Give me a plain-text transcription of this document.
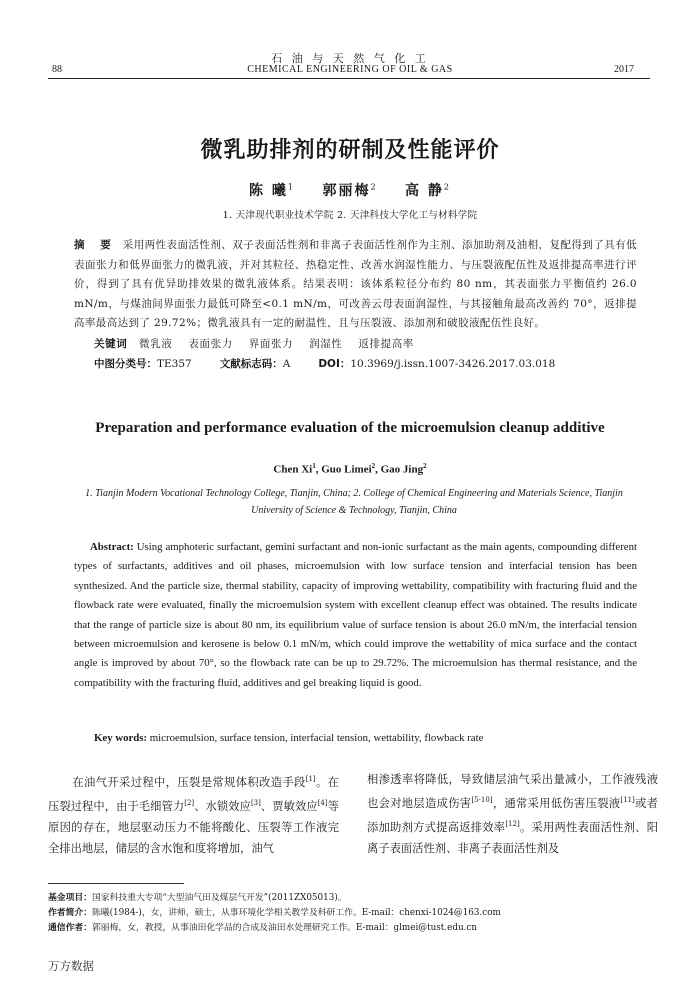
石 油 与 天 然 气 化 工
88	CHEMICAL ENGINEERING OF OIL & GAS	2017
微乳助排剂的研制及性能评价
陈 曦$^1$ 郭丽梅$^2$ 高 静$^2$
1. 天津现代职业技术学院 2. 天津科技大学化工与材料学院
摘 要 采用两性表面活性剂、双子表面活性剂和非离子表面活性剂作为主剂、添加助剂及油相，复配得到了具有低表面张力和低界面张力的微乳液，并对其粒径、热稳定性、改善水润湿性能力、与压裂液配伍性及返排提高率进行评价，得到了具有优异助排效果的微乳液体系。结果表明：该体系粒径分布约 80 nm，其表面张力平衡值约 26.0 mN/m，与煤油间界面张力最低可降至<0.1 mN/m，可改善云母表面润湿性，与其接触角最高改善约 70°，返排提高率最高达到了 29.72%；微乳液具有一定的耐温性，且与压裂液、添加剂和破胶液配伍性良好。
关键词 微乳液 表面张力 界面张力 润湿性 返排提高率
中图分类号：TE357	文献标志码：A	DOI：10.3969/j.issn.1007-3426.2017.03.018
Preparation and performance evaluation of the microemulsion cleanup additive
Chen Xi$^1$, Guo Limei$^2$, Gao Jing$^2$
1. Tianjin Modern Vocational Technology College, Tianjin, China; 2. College of Chemical Engineering and Materials Science, Tianjin University of Science & Technology, Tianjin, China
Abstract: Using amphoteric surfactant, gemini surfactant and non-ionic surfactant as the main agents, compounding different types of surfactants, additives and oil phases, microemulsion with low surface tension and interfacial tension has been synthesized. And the particle size, thermal stability, capacity of improving wettability, compatibility with fracturing fluid and the flowback rate were evaluated, finally the microemulsion system with excellent cleanup effect was obtained. The results indicate that the range of particle size is about 80 nm, its equilibrium value of surface tension is about 26.0 mN/m, the interfacial tension between microemulsion and kerosene is below 0.1 mN/m, which could improve the wettability of mica surface and the contact angle is improved by about 70°, so the flowback rate can be up to 29.72%. The microemulsion has thermal resistance, and the compatibility with the fracturing fluid, additives and gel breaking liquid is good.
Key words: microemulsion, surface tension, interfacial tension, wettability, flowback rate
在油气开采过程中，压裂是常规体积改造手段[1]。在压裂过程中，由于毛细管力[2]、水锁效应[3]、贾敏效应[4]等原因的存在，地层驱动压力不能将酸化、压裂等工作液完全排出地层，储层的含水饱和度将增加，油气
相渗透率将降低，导致储层油气采出量减小，工作液残液也会对地层造成伤害[5-10]，通常采用低伤害压裂液[11]或者添加助剂方式提高返排效率[12]。采用两性表面活性剂、阳离子表面活性剂、非离子表面活性剂及
基金项目：国家科技重大专项“大型油气田及煤层气开发”(2011ZX05013)。
作者简介：陈曦(1984-)，女，讲师，硕士，从事环境化学相关教学及科研工作。E-mail：chenxi-1024@163.com
通信作者：郭丽梅，女，教授，从事油田化学品的合成及油田水处理研究工作。E-mail：glmei@tust.edu.cn
万方数据
